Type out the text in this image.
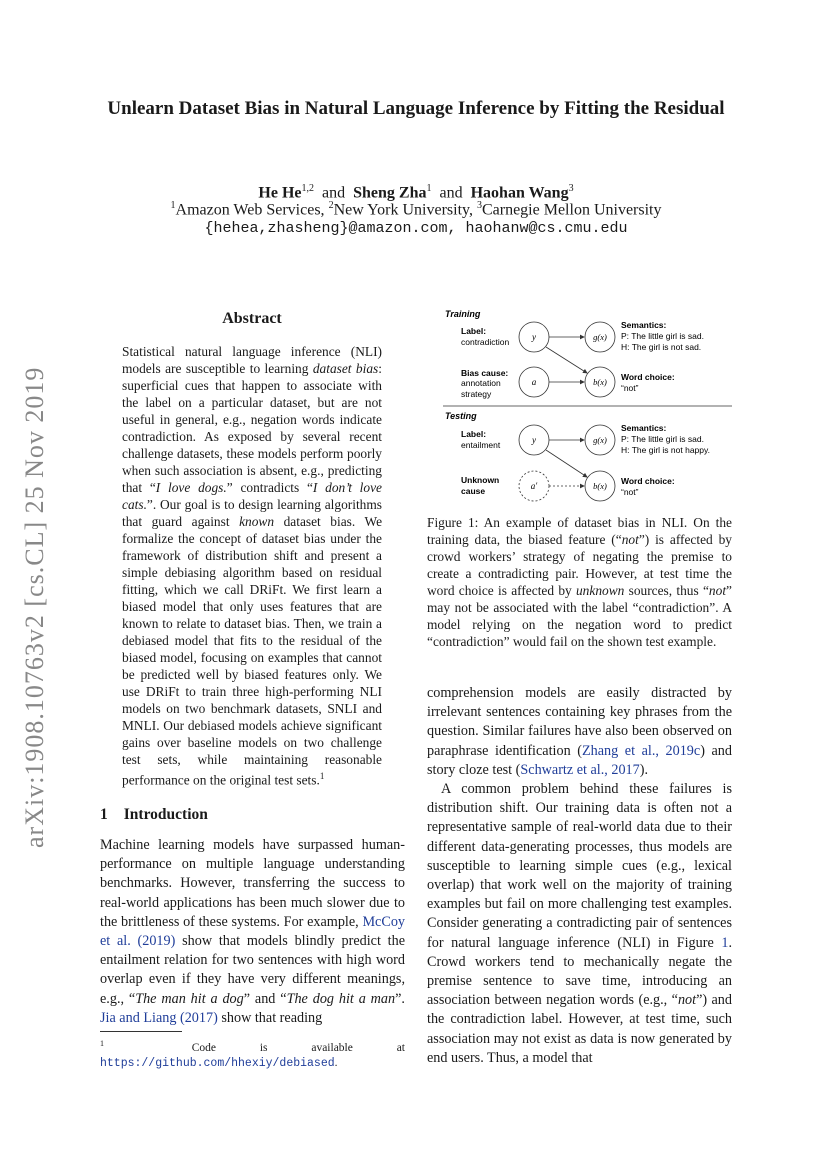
Unlearn Dataset Bias in Natural Language Inference by Fitting the Residual
He He$^{1,2}$ and Sheng Zha$^1$ and Haohan Wang$^3$
$^1$Amazon Web Services, $^2$New York University, $^3$Carnegie Mellon University
{hehea,zhasheng}@amazon.com, haohanw@cs.cmu.edu
arXiv:1908.10763v2 [cs.CL] 25 Nov 2019
Abstract
Statistical natural language inference (NLI) models are susceptible to learning dataset bias: superficial cues that happen to associate with the label on a particular dataset, but are not useful in general, e.g., negation words indicate contradiction. As exposed by several recent challenge datasets, these models perform poorly when such association is absent, e.g., predicting that “I love dogs.” contradicts “I don’t love cats.”. Our goal is to design learning algorithms that guard against known dataset bias. We formalize the concept of dataset bias under the framework of distribution shift and present a simple debiasing algorithm based on residual fitting, which we call DRiFt. We first learn a biased model that only uses features that are known to relate to dataset bias. Then, we train a debiased model that fits to the residual of the biased model, focusing on examples that cannot be predicted well by biased features only. We use DRiFt to train three high-performing NLI models on two benchmark datasets, SNLI and MNLI. Our debiased models achieve significant gains over baseline models on two challenge test sets, while maintaining reasonable performance on the original test sets.$^1$
1 Introduction
Machine learning models have surpassed human-performance on multiple language understanding benchmarks. However, transferring the success to real-world applications has been much slower due to the brittleness of these systems. For example, McCoy et al. (2019) show that models blindly predict the entailment relation for two sentences with high word overlap even if they have very different meanings, e.g., “The man hit a dog” and “The dog hit a man”. Jia and Liang (2017) show that reading
$^1$	Code is available at https://github.com/hhexiy/debiased.
Training
Label:
contradiction
Bias cause:
annotation
strategy
y
a
g(x)
b(x)
Semantics:
P: The little girl is sad.
H: The girl is not sad.
Word choice:
“not”
Testing
Label:
entailment
Unknown
cause
y
a′
g(x)
b(x)
Semantics:
P: The little girl is sad.
H: The girl is not happy.
Word choice:
“not”
Figure 1: An example of dataset bias in NLI. On the training data, the biased feature (“not”) is affected by crowd workers’ strategy of negating the premise to create a contradicting pair. However, at test time the word choice is affected by unknown sources, thus “not” may not be associated with the label “contradiction”. A model relying on the negation word to predict “contradiction” would fail on the shown test example.

comprehension models are easily distracted by irrelevant sentences containing key phrases from the question. Similar failures have also been observed on paraphrase identification (Zhang et al., 2019c) and story cloze test (Schwartz et al., 2017).

A common problem behind these failures is distribution shift. Our training data is often not a representative sample of real-world data due to their different data-generating processes, thus models are susceptible to learning simple cues (e.g., lexical overlap) that work well on the majority of training examples but fail on more challenging test examples. Consider generating a contradicting pair of sentences for natural language inference (NLI) in Figure 1. Crowd workers tend to mechanically negate the premise sentence to save time, introducing an association between negation words (e.g., “not”) and the contradiction label. However, at test time, such association may not exist as data is now generated by end users. Thus, a model that
